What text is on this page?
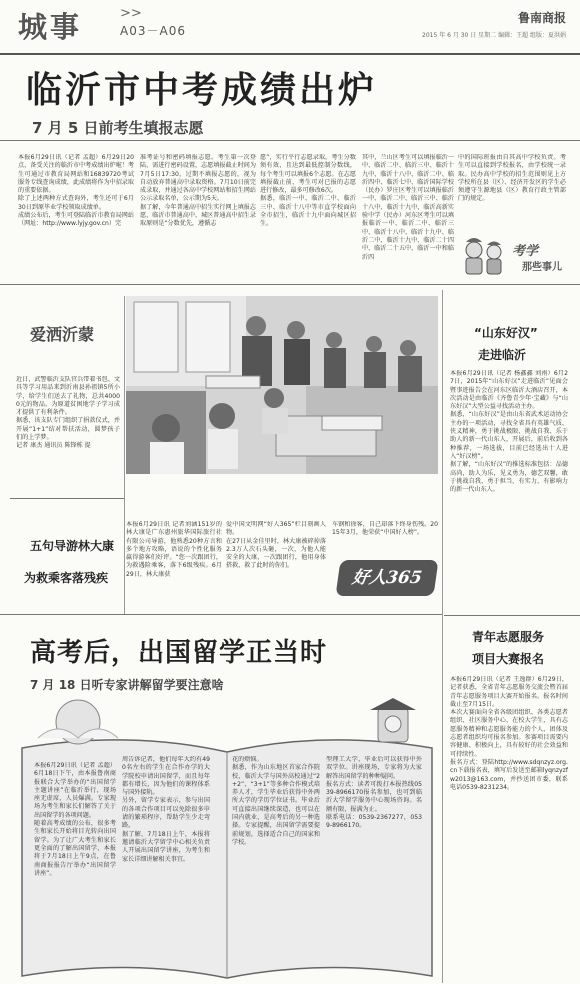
城事	>>
A03－A06
鲁南商报
2015 年 6 月 30 日 星期二 编辑：王超 组版：夏洪娟
临沂市中考成绩出炉
7 月 5 日前考生填报志愿
本报6月29日讯（记者 孟超）6月29日20点，备受关注的临沂市中考成绩出炉啦！考生可通过市教育局网站和16839720考试服务专线查询成绩，此成绩将作为中招录取的重要依据。
除了上述两种方式查询外，考生还可于6月30日到原毕业学校领取成绩单。
成绩公布后，考生可登陆临沂市教育局网站（网址：http://www.lyjy.gov.cn）完
准考证号和密码填报志愿。考生第一次登陆，需进行密码设置，志愿填报截止时间为7月5日17:30，过期不填报志愿的，视为自动放弃普通高中录取资格。7月10日前完成录取，并通过各高中学校网站和招生网站公示录取名单，公示期为5天。
据了解，今年普通高中招生实行网上填报志愿，临沂市普通高中、城区普通高中招生录取原则是“分数优先，遵循志
愿”，实行平行志愿录取。考生分数须有效，且达到最低控制分数线，每个考生可以填报6个志愿。在志愿填报截止前，考生可对已报的志愿进行修改，最多可修改6次。
据悉，临沂一中、临沂二中、临沂三中、临沂十八中等市直学校面向全市招生，临沂十九中面向城区招生。
其中，兰山区考生可以填报临沂一中、临沂二中、临沂三中、临沂十九中、临沂十八中、临沂二中、临沂四中、临沂七中、临沂国际学校（民办）罗庄区考生可以填报临沂一中、临沂二中、临沂三中、临沂十八中、临沂十九中、临沂高新实验中学（民办）河东区考生可以填报临沂一中、临沂二中、临沂三中、临沂十八中、临沂十九中、临沂二中、临沂十九中、临沂二十四中、临沂二十五中、临沂一中和临沂四
中的国际班报由自其高中学校负责。考生可以直接到学校报名，由学校统一录取。民办高中学校的招生范围则见上方学校所在县（区）、经济开发区的学生必须遵守生源地县（区）教育行政主管部门的规定。
考学
那些事儿
爱洒沂蒙
近日，武警临沂支队官兵带着书包、文具等学习用品来到沂南县孙祖镇5所小学，给学生们送去了礼物，总共40000元的物品。为原道贫困地学子学习成才提供了有利条件。
据悉，该支队专门组织了捐款仪式，并开展“1+1”结对帮扶活动，圆梦孩子们的上学梦。
记者 康杰 通讯员 陈锋栋 提
五句导游林大康
为救乘客落残疾
本报6月29日讯 记者刘涵151岁的林大康是广东惠州旅华国际旅行社有限公司导游，他熟悉20种方言和多个地方攻略，语说的个性化服务赢得游客们好评。“您一次跟团行，为救遇险乘客，落下6级残疾。6月29日，林大康获
爱中国文明网“好人365”栏目刻画人物。
在27日从金佳里时，林大康被碎掉落2.3万人次石头砸，一次，为他人能安全的大康，一次跟团行，他用身体搭救，救了此时的你们。
车钢和徐客，自己却落下终身伤残。2015年3月，他荣获“中国好人榜”。
好人365
“山东好汉”
走进临沂
本报6月29日讯（记者 杨鑫鑫 刘南）6月27日，2015年“山东好汉”走进临沂”见面会暨事迹报告会在河东区临沂大酒店召开，本次活动是由临沂《齐鲁青少年·宝藏》与“山东好汉”大型公益寻找活动主办。
据悉，“山东好汉”是由山东省武术运动协会主办的一项活动，寻找全省具有英雄气质、侠义精神，勇于挑战极限、挑战自我、乐于助人的新一代山东人，开展后，前后收到各种推荐，一场选拔，目前已经选出十人进入“好汉榜”。
据了解，“山东好汉”的推选标准包括：品德高尚，助人为乐，见义勇为，德艺双馨，敢于挑战自我，勇于担当，有实力、有影响力的新一代山东人。
高考后，出国留学正当时
7 月 18 日听专家讲解留学要注意啥
本报6月29日讯（记者 孟超）6月18日下午，由本报鲁南商报联合大学举办的“出国留学主题讲座”在临沂举行，现场座无虚席，人员爆满。专家现场为考生和家长们解答了关于出国留学的各项问题。
随着高考成绩的公布，很多考生和家长开始将目光转向出国留学。为了让广大考生和家长更全面的了解出国留学，本报将于7月18日上午9点，在鲁南商报报告厅举办“出国留学讲座”。
周告诉记者，他们每年大约有490名左右的学生在合作办学的大学院校申请出国留学，而且每年都有增长，因为他们的课程体系与国外接轨。
另外，留学专家表示，参与出国的各项合作项目可以免除很多申请的繁琐程序，帮助学生少走弯路。
据了解，7月18日上午，本报将邀请临沂大学留学中心相关负责人开展出国留学讲座，为考生和家长详细讲解相关事宜。
花的烦恼。
据悉，作为山东地区首家合作院校，临沂大学与国外高校通过“2+2”、“3+1”等多种合作模式培养人才，学生毕业后获得中外两所大学的学历学位证书。毕业后可直接出国继续深造，也可以在国内就业，是高考后的另一种选择。专家提醒，出国留学需要提前规划，选择适合自己的国家和学校。
型理工大学，毕业后可以获得中外双学位。讲座现场，专家将为大家解答出国留学的种种疑问。
报名方式：读者可拨打本报热线0539-8966170报名参加，也可到临沂大学留学服务中心现场咨询。名额有限，报满为止。
联系电话：0539-2367277，0539-8966170。
青年志愿服务
项目大赛报名
本报6月29日讯（记者 王逸群）6月29日，记者获悉，全省青年志愿服务交流会暨首届青年志愿服务项目大赛开始报名。报名时间截止至7月15日。
本次大赛面向全省各级团组织、各类志愿者组织、社区服务中心、在校大学生，具有志愿服务精神和志愿服务能力的个人、团体及志愿者组织均可报名参加。参赛项目需要内容健康、积极向上，具有较好的社会效益和可持续性。
报名方式：登陆http://www.sdqnzyz.org.cn下载报名表，填写后发送至邮箱lyqnzyzfw2013@163.com，并抄送团市委，联系电话0539-8231234。
